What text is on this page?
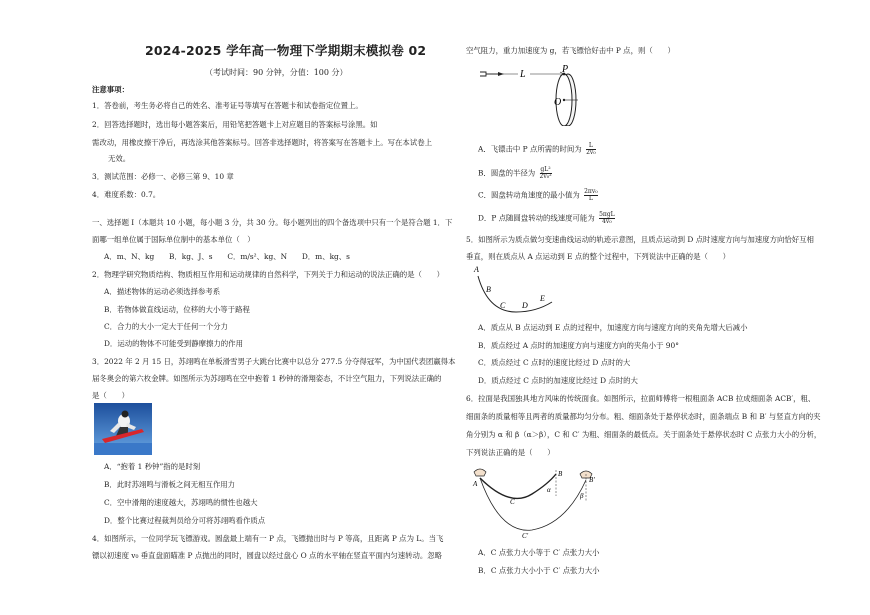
2024-2025 学年高一物理下学期期末模拟卷 02
（考试时间：90 分钟，分值：100 分）
注意事项：
1．答卷前，考生务必将自己的姓名、准考证号等填写在答题卡和试卷指定位置上。
2．回答选择题时，选出每小题答案后，用铅笔把答题卡上对应题目的答案标号涂黑。如
需改动，用橡皮擦干净后，再选涂其他答案标号。回答非选择题时，将答案写在答题卡上。写在本试卷上
无效。
3．测试范围：必修一、必修三第 9、10 章
4．难度系数：0.7。
一、选择题 I（本题共 10 小题，每小题 3 分，共 30 分。每小题列出的四个备选项中只有一个是符合题 1．下
面哪一组单位属于国际单位制中的基本单位（　）
A．m、N、kg　　B．kg、J、s　　C．m/s²、kg、N　　D．m、kg、s
2．物理学研究物质结构、物质相互作用和运动规律的自然科学，下列关于力和运动的说法正确的是（　　）
A．描述物体的运动必须选择参考系
B．若物体做直线运动，位移的大小等于路程
C．合力的大小一定大于任何一个分力
D．运动的物体不可能受到静摩擦力的作用
3．2022 年 2 月 15 日，苏翊鸣在单板滑雪男子大跳台比赛中以总分 277.5 分夺得冠军，为中国代表团赢得本
届冬奥会的第六枚金牌。如图所示为苏翊鸣在空中抱着 1 秒钟的滑翔姿态，不计空气阻力，下列说法正确的
是（　　）
A．“抱着 1 秒钟”指的是时刻
B．此时苏翊鸣与滑板之间无相互作用力
C．空中滑翔的速度越大，苏翊鸣的惯性也越大
D．整个比赛过程裁判员给分可将苏翊鸣看作质点
4．如图所示，一位同学玩飞镖游戏。圆盘最上端有一 P 点，飞镖抛出时与 P 等高，且距离 P 点为 L。当飞
镖以初速度 v₀ 垂直盘面瞄准 P 点抛出的同时，圆盘以经过盘心 O 点的水平轴在竖直平面内匀速转动。忽略
空气阻力，重力加速度为 g，若飞镖恰好击中 P 点，则（　　）
L	P
O
A．飞镖击中 P 点所需的时间为 $\frac{L}{\text{2v₀}}$
B．圆盘的半径为 $\frac{\text{gL²}}{\text{2v₀²}}$
C．圆盘转动角速度的最小值为 $\frac{\text{2πv₀}}{L}$
D．P 点随圆盘转动的线速度可能为 5πgL
4v₀
5．如图所示为质点做匀变速曲线运动的轨迹示意图，且质点运动到 D 点时速度方向与加速度方向恰好互相
垂直，则在质点从 A 点运动到 E 点的整个过程中，下列说法中正确的是（　　）
A
B
C D
E
A．质点从 B 点运动到 E 点的过程中，加速度方向与速度方向的夹角先增大后减小
B．质点经过 A 点时的加速度方向与速度方向的夹角小于 90°
C．质点经过 C 点时的速度比经过 D 点时的大
D．质点经过 C 点时的加速度比经过 D 点时的大
6．拉面是我国独具地方风味的传统面食。如图所示，拉面师傅将一根粗面条 ACB 拉成细面条 ACB′，粗、
细面条的质量相等且两者的质量都均匀分布。粗、细面条处于悬停状态时，面条端点 B 和 B′ 与竖直方向的夹
角分别为 α 和 β（α＞β），C 和 C′ 为粗、细面条的最低点。关于面条处于悬停状态时 C 点张力大小的分析，
下列说法正确的是（　　）
A
B
B′
C
C′
α
β
A．C 点张力大小等于 C′ 点张力大小
B．C 点张力大小小于 C′ 点张力大小
